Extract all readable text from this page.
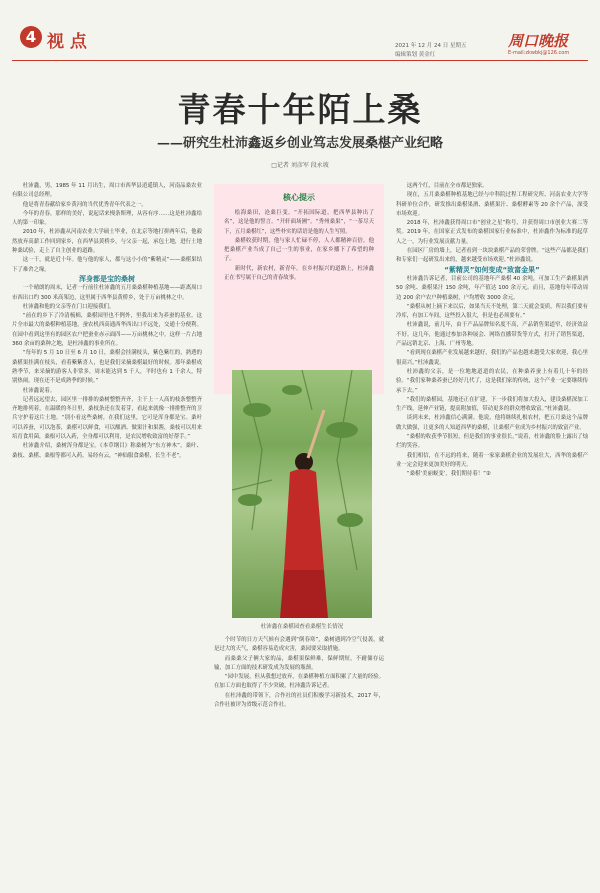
4 视 点	2021 年 12 月 24 日 星期五
编辑策划 黄金红
周口晚报
E-mail:zkwbkj@126.com
青春十年陌上桑
——研究生杜沛鑫返乡创业笃志发展桑椹产业纪略
□记者 刘彦军 段永坡

杜沛鑫，男，1985 年 11 月出生，周口市西华县逍遥镇人，河南品桑农业有限公司总经理。

他是将青春献给家乡黄河的当代优秀青年代表之一。

今年的青春，那样的美好，说起话来慢条斯理，从容有序……这是杜沛鑫给人的第一印象。

2010 年，杜沛鑫从河南农业大学硕士毕业，在北京等地打拼两年后，他毅然放弃高薪工作回到家乡，在西华县黄桥乡，与父亲一起，承包土地，进行土地种桑试验，走上了自主创业的道路。

这一干，就是近十年。他与他的家人，都与这小小的“紫精灵”——桑椹果结下了难舍之缘。

浑身都是宝的桑树

一个晴朗的周末，记者一行前往杜沛鑫的五月桑桑椹种植基地——距离周口市西出口约 300 米高架边，这里属于西华县黄桥乡，处于万亩桃林之中。

杜沛鑫和他的父亲等在门口迎接我们。

“前在的乡下了冷清梳棉，桑椹园里也不例外，里我出来为养蚕的基业。这片全市最大的桑椹种植基地，蚕农机西高通西华西出口不远处，交通十分便利。在园中看到这里有的园区农户把蚕业赤示面四——万亩桃林之中。这样一片占地 360 余亩的桑种之地，是杜沛鑫的事业所在。

“每年的 5 月 10 日至 6 月 10 日，桑椹会挂满枝头，紫色紫红的，熟透的桑椹果挂满在枝头，看着紫紫喜人，也是我们采摘桑椹最好的时候。那年桑椹成熟季节，来采摘的游客人非常多，周末能达到 5 千人，平时也有 1 千余人，特别热闹。现在还不是成熟季的时候。”

杜沛鑫说着。

记者远远望去，园区里一排排的桑树整整齐齐，主干上一人高的枝条整整齐齐地排列着，在温暖的冬日里，桑枝条还在发着芽，看起来就像一排排整齐的卫兵守护着这片土地。“别小看这些桑树，在我们这里，它可是浑身都是宝。桑叶可以养蚕，可以泡茶，桑椹可以鲜食，可以酿酒、做果汁和果酱，桑枝可以用来培育食用菌，桑根可以入药，全身都可以利用，是农民增收致富的好帮手。”

杜沛鑫介绍，桑树浑身都是宝。《本草纲目》称桑树为“东方神木”，桑叶、桑枝、桑椹、桑根等都可入药。易经有云，“神仙服食桑椹，长生不老”。

核心提示

绘海桑田，沧桑巨变。“开拓国际道，把西华县种出了名”，这是他的誓言。“开轩面场圃”，“秀州桑果”，“一茶尽天下，五月桑椹红”，这些朴实的话语是他的人生写照。

桑椹收获时期，他与家人忙碌不停，人人都精神百倍。他把桑椹产业当成了自己一生的事业，在家乡播下了希望的种子。

新时代，新农村，新青年。在乡村振兴的道路上，杜沛鑫正在书写属于自己的青春故事。

杜沛鑫在桑椹园查看桑椹生长情况

个时节的日方天气候有会遇到“倒春寒”，桑树遇到冷空气侵袭，就是过大的天气，桑椹容易造成灾害，桑园要采取措施。

而桑桑父子俩大家的品，桑椹果保鲜难，保鲜期短，不耐储存运输，加工方面的技术研发成为发展的瓶颈。

“园中发展，但从我想过放弃，在桑椹种植方面积累了大量的经验。在加工方面也取得了不少突破，杜沛鑫告诉记者。

在杜沛鑫的带领下，合作社的社员们积极学习新技术，2017 年，合作社被评为省级示范合作社。

这两个红，目前在全市都是独家。

现在，五月桑桑椹种植基地已经与中科院过程工程研究所、河南农业大学等科研单位合作，研发推出桑椹果酒、桑椹果汁、桑椹酵素等 20 余个产品，深受市场欢迎。

2018 年，杜沛鑫获得周口市“创业之星”称号，并获得周口市创业大赛二等奖。2019 年，在国家正式发布的桑椹国家行业标准中，杜沛鑫作为标准的起草人之一，为行业发展贡献力量。

在园区厂房的墙上，记者看到一块块桑椹产品的荣誉牌。“这些产品都是我们和专家们一起研发出来的，越来越受市场欢迎。”杜沛鑫说。

“紫精灵”如何变成“致富金果”

杜沛鑫告诉记者，目前公司的基地年产桑椹 40 余吨，可加工生产桑椹果酒 50 余吨、桑椹果汁 150 余吨，年产值达 100 余万元。而且，基地每年带动周边 200 余户农户种植桑树，户均增收 3000 余元。

“桑椹从树上摘下来以后，如果当天不处理，第二天就会变质，所以我们要有冷库，有加工车间，这些投入很大，但是也必须要有。”

杜沛鑫说，前几年，由于产品品牌知名度不高，产品销售渠道窄，经济效益不好。这几年，他通过参加各种展会、网络直播带货等方式，打开了销售渠道，产品远销北京、上海、广州等地。

“看到现在桑椹产业发展越来越好，我们的产品也越来越受大家欢迎，我心里很高兴。”杜沛鑫说。

杜沛鑫的父亲，是一位地地道道的农民，在种桑养蚕上有着几十年的经验。“我们家种桑养蚕已经好几代了，这是我们家的传统，这个产业一定要继续传承下去。”

“我们的桑椹园，基地还正在扩建，下一步我们将加大投入，建设桑椹深加工生产线，延伸产业链，提高附加值，带动更多的群众增收致富。”杜沛鑫说。

谈到未来，杜沛鑫信心满满。他说，他将继续扎根农村，把五月桑这个品牌做大做强，让更多的人知道西华的桑椹，让桑椹产业成为乡村振兴的致富产业。

“桑椹的收获季节很短，但是我们的事业很长。”说着，杜沛鑫的脸上露出了灿烂的笑容。

我们相信，在不远的将来，随着一家家桑椹企业的发展壮大，西华的桑椹产业一定会迎来更加美好的明天。

“桑椹‘美丽蜕变’，我们期待着！”②
